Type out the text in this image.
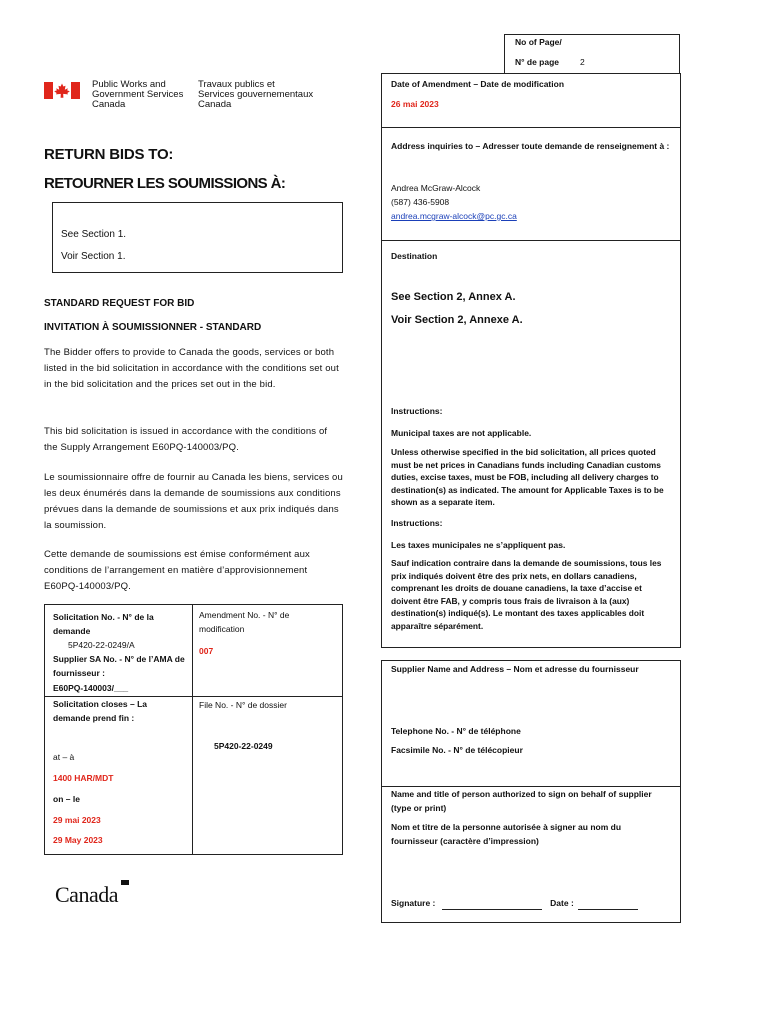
Public Works and
Government Services
Canada
Travaux publics et
Services gouvernementaux
Canada
No of Page/
N° de page 2
Date of Amendment – Date de modification
26 mai 2023
Address inquiries to – Adresser toute demande de renseignement à :
Andrea McGraw-Alcock
(587) 436-5908
andrea.mcgraw-alcock@pc.gc.ca
Destination
See Section 2, Annex A.
Voir Section 2, Annexe A.
Instructions:
Municipal taxes are not applicable.
Unless otherwise specified in the bid solicitation, all prices quoted must be net prices in Canadians funds including Canadian customs duties, excise taxes, must be FOB, including all delivery charges to destination(s) as indicated. The amount for Applicable Taxes is to be shown as a separate item.
Instructions:
Les taxes municipales ne s’appliquent pas.
Sauf indication contraire dans la demande de soumissions, tous les prix indiqués doivent être des prix nets, en dollars canadiens, comprenant les droits de douane canadiens, la taxe d’accise et doivent être FAB, y compris tous frais de livraison à la (aux) destination(s) indiqué(s). Le montant des taxes applicables doit apparaître séparément.
Supplier Name and Address – Nom et adresse du fournisseur
Telephone No. - N° de téléphone
Facsimile No. - N° de télécopieur
Name and title of person authorized to sign on behalf of supplier (type or print)
Nom et titre de la personne autorisée à signer au nom du fournisseur (caractère d’impression)
Signature :	Date :
RETURN BIDS TO:
RETOURNER LES SOUMISSIONS À:
See Section 1.
Voir Section 1.
STANDARD REQUEST FOR BID
INVITATION À SOUMISSIONNER - STANDARD
The Bidder offers to provide to Canada the goods, services or both listed in the bid solicitation in accordance with the conditions set out in the bid solicitation and the prices set out in the bid.
This bid solicitation is issued in accordance with the conditions of the Supply Arrangement E60PQ-140003/PQ.
Le soumissionnaire offre de fournir au Canada les biens, services ou les deux énumérés dans la demande de soumissions aux conditions prévues dans la demande de soumissions et aux prix indiqués dans la soumission.
Cette demande de soumissions est émise conformément aux conditions de l’arrangement en matière d’approvisionnement E60PQ-140003/PQ.
Solicitation No. - N° de la demande
5P420-22-0249/A
Supplier SA No. - N° de l’AMA de fournisseur :
E60PQ-140003/___
Amendment No. - N° de modification
007
Solicitation closes – La demande prend fin :
at – à
1400 HAR/MDT
on – le
29 mai 2023
29 May 2023
File No. - N° de dossier
5P420-22-0249
Canada
